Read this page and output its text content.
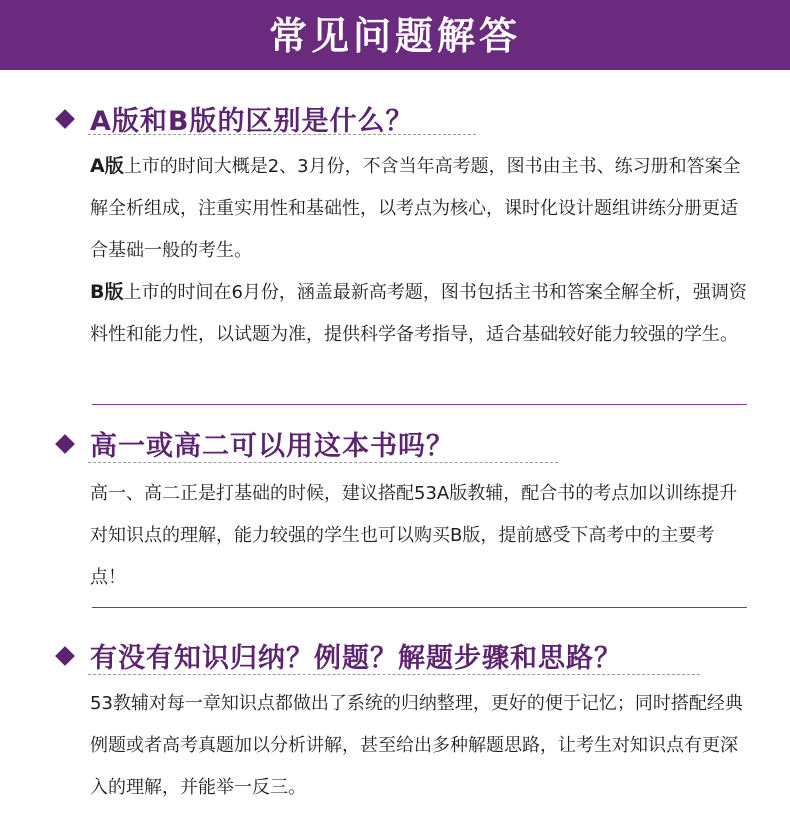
常见问题解答
A版和B版的区别是什么？

A版上市的时间大概是2、3月份，不含当年高考题，图书由主书、练习册和答案全解全析组成，注重实用性和基础性，以考点为核心，课时化设计题组讲练分册更适合基础一般的考生。

B版上市的时间在6月份，涵盖最新高考题，图书包括主书和答案全解全析，强调资料性和能力性，以试题为准，提供科学备考指导，适合基础较好能力较强的学生。

高一或高二可以用这本书吗？

高一、高二正是打基础的时候，建议搭配53A版教辅，配合书的考点加以训练提升对知识点的理解，能力较强的学生也可以购买B版，提前感受下高考中的主要考点！

有没有知识归纳？例题？解题步骤和思路？

53教辅对每一章知识点都做出了系统的归纳整理，更好的便于记忆；同时搭配经典例题或者高考真题加以分析讲解，甚至给出多种解题思路，让考生对知识点有更深入的理解，并能举一反三。
